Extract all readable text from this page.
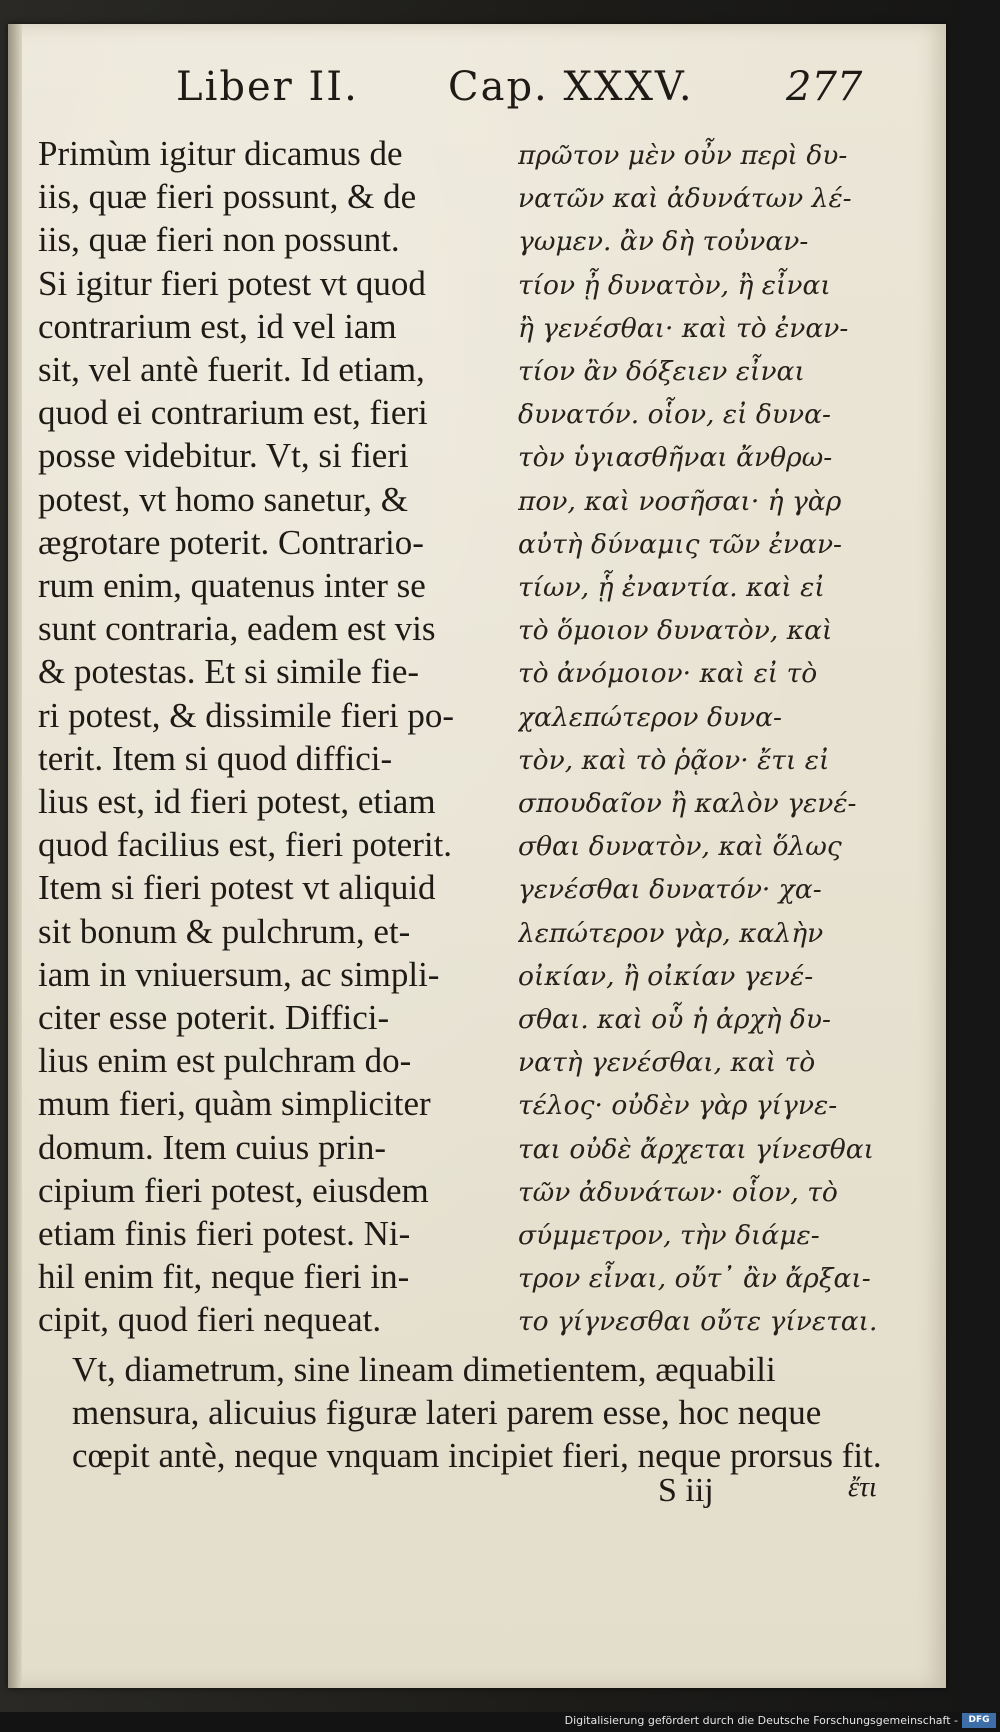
Liber II. Cap. XXXV. 277
Primùm igitur dicamus de
iis, quæ fieri possunt, & de
iis, quæ fieri non possunt.
Si igitur fieri potest vt quod
contrarium est, id vel iam
sit, vel antè fuerit. Id etiam,
quod ei contrarium est, fieri
posse videbitur. Vt, si fieri
potest, vt homo sanetur, &
ægrotare poterit. Contrario-
rum enim, quatenus inter se
sunt contraria, eadem est vis
& potestas. Et si simile fie-
ri potest, & dissimile fieri po-
terit. Item si quod diffici-
lius est, id fieri potest, etiam
quod facilius est, fieri poterit.
Item si fieri potest vt aliquid
sit bonum & pulchrum, et-
iam in vniuersum, ac simpli-
citer esse poterit. Diffici-
lius enim est pulchram do-
mum fieri, quàm simpliciter
domum. Item cuius prin-
cipium fieri potest, eiusdem
etiam finis fieri potest. Ni-
hil enim fit, neque fieri in-
cipit, quod fieri nequeat.
πρῶτον μὲν οὖν περὶ δυ-
νατῶν καὶ ἀδυνάτων λέ-
γωμεν. ἂν δὴ τοὐναν-
τίον ᾖ δυνατὸν, ἢ εἶναι
ἢ γενέσθαι· καὶ τὸ ἐναν-
τίον ἂν δόξειεν εἶναι
δυνατόν. οἷον, εἰ δυνα-
τὸν ὑγιασθῆναι ἄνθρω-
πον, καὶ νοσῆσαι· ἡ γὰρ
αὐτὴ δύναμις τῶν ἐναν-
τίων, ᾗ ἐναντία. καὶ εἰ
τὸ ὅμοιον δυνατὸν, καὶ
τὸ ἀνόμοιον· καὶ εἰ τὸ
χαλεπώτερον δυνα-
τὸν, καὶ τὸ ῥᾷον· ἔτι εἰ
σπουδαῖον ἢ καλὸν γενέ-
σθαι δυνατὸν, καὶ ὅλως
γενέσθαι δυνατόν· χα-
λεπώτερον γὰρ, καλὴν
οἰκίαν, ἢ οἰκίαν γενέ-
σθαι. καὶ οὗ ἡ ἀρχὴ δυ-
νατὴ γενέσθαι, καὶ τὸ
τέλος· οὐδὲν γὰρ γίγνε-
ται οὐδὲ ἄρχεται γίνεσθαι
τῶν ἀδυνάτων· οἷον, τὸ
σύμμετρον, τὴν διάμε-
τρον εἶναι, οὔτ᾽ ἂν ἄρξαι-
το γίγνεσθαι οὔτε γίνεται.
Vt, diametrum, sine lineam dimetientem, æquabili
mensura, alicuius figuræ lateri parem esse, hoc neque
cœpit antè, neque vnquam incipiet fieri, neque prorsus fit.
S iij	ἔτι
Digitalisierung gefördert durch die Deutsche Forschungsgemeinschaft -	DFG
